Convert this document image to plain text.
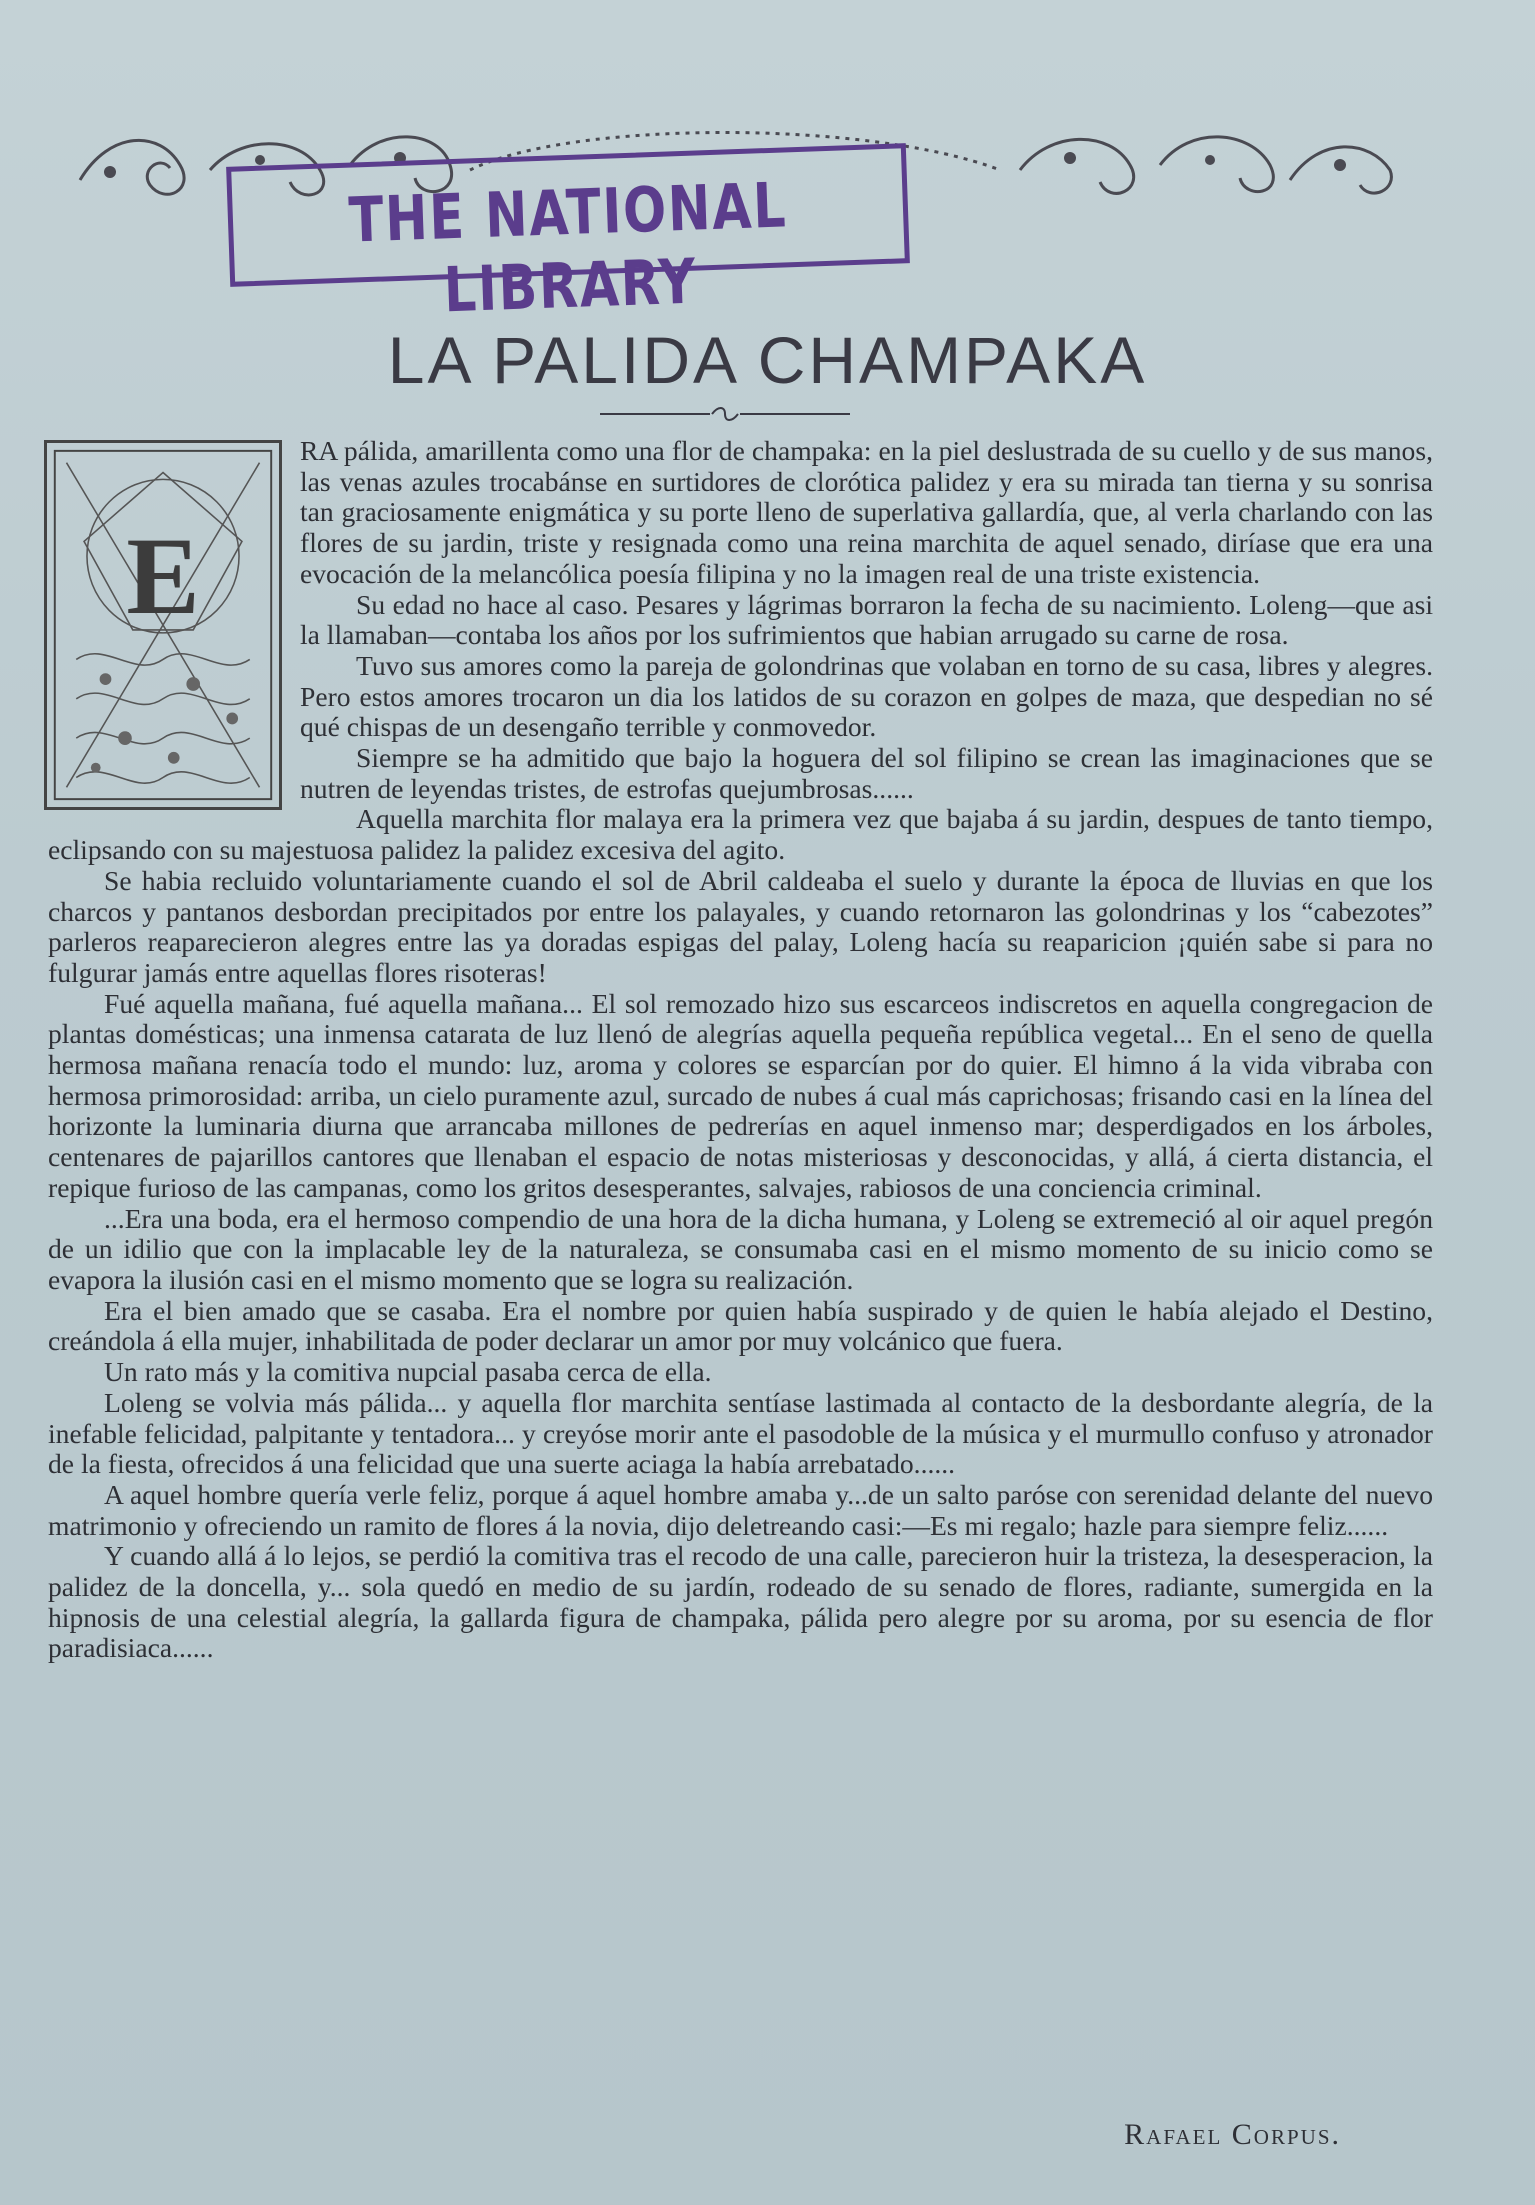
THE NATIONAL LIBRARY
LA PALIDA CHAMPAKA
E

RA pálida, amarillenta como una flor de champaka: en la piel deslustrada de su cuello y de sus manos, las venas azules trocabánse en surtidores de clorótica palidez y era su mirada tan tierna y su sonrisa tan graciosamente enigmática y su porte lleno de superlativa gallardía, que, al verla charlando con las flores de su jardin, triste y resignada como una reina marchita de aquel senado, diríase que era una evocación de la melancólica poesía filipina y no la imagen real de una triste existencia.

Su edad no hace al caso. Pesares y lágrimas borraron la fecha de su nacimiento. Loleng—que asi la llamaban—contaba los años por los sufrimientos que habian arrugado su carne de rosa.

Tuvo sus amores como la pareja de golondrinas que volaban en torno de su casa, libres y alegres. Pero estos amores trocaron un dia los latidos de su corazon en golpes de maza, que despedian no sé qué chispas de un desengaño terrible y conmovedor.

Siempre se ha admitido que bajo la hoguera del sol filipino se crean las imaginaciones que se nutren de leyendas tristes, de estrofas quejumbrosas......

Aquella marchita flor malaya era la primera vez que bajaba á su jardin, despues de tanto tiempo, eclipsando con su majestuosa palidez la palidez excesiva del agito.

Se habia recluido voluntariamente cuando el sol de Abril caldeaba el suelo y durante la época de lluvias en que los charcos y pantanos desbordan precipitados por entre los palayales, y cuando retornaron las golondrinas y los “cabezotes” parleros reaparecieron alegres entre las ya doradas espigas del palay, Loleng hacía su reaparicion ¡quién sabe si para no fulgurar jamás entre aquellas flores risoteras!

Fué aquella mañana, fué aquella mañana... El sol remozado hizo sus escarceos indiscretos en aquella congregacion de plantas domésticas; una inmensa catarata de luz llenó de alegrías aquella pequeña república vegetal... En el seno de quella hermosa mañana renacía todo el mundo: luz, aroma y colores se esparcían por do quier. El himno á la vida vibraba con hermosa primorosidad: arriba, un cielo puramente azul, surcado de nubes á cual más caprichosas; frisando casi en la línea del horizonte la luminaria diurna que arrancaba millones de pedrerías en aquel inmenso mar; desperdigados en los árboles, centenares de pajarillos cantores que llenaban el espacio de notas misteriosas y desconocidas, y allá, á cierta distancia, el repique furioso de las campanas, como los gritos desesperantes, salvajes, rabiosos de una conciencia criminal.

...Era una boda, era el hermoso compendio de una hora de la dicha humana, y Loleng se extremeció al oir aquel pregón de un idilio que con la implacable ley de la naturaleza, se consumaba casi en el mismo momento de su inicio como se evapora la ilusión casi en el mismo momento que se logra su realización.

Era el bien amado que se casaba. Era el nombre por quien había suspirado y de quien le había alejado el Destino, creándola á ella mujer, inhabilitada de poder declarar un amor por muy volcánico que fuera.

Un rato más y la comitiva nupcial pasaba cerca de ella.

Loleng se volvia más pálida... y aquella flor marchita sentíase lastimada al contacto de la desbordante alegría, de la inefable felicidad, palpitante y tentadora... y creyóse morir ante el pasodoble de la música y el murmullo confuso y atronador de la fiesta, ofrecidos á una felicidad que una suerte aciaga la había arrebatado......

A aquel hombre quería verle feliz, porque á aquel hombre amaba y...de un salto paróse con serenidad delante del nuevo matrimonio y ofreciendo un ramito de flores á la novia, dijo deletreando casi:—Es mi regalo; hazle para siempre feliz......

Y cuando allá á lo lejos, se perdió la comitiva tras el recodo de una calle, parecieron huir la tristeza, la desesperacion, la palidez de la doncella, y... sola quedó en medio de su jardín, rodeado de su senado de flores, radiante, sumergida en la hipnosis de una celestial alegría, la gallarda figura de champaka, pálida pero alegre por su aroma, por su esencia de flor paradisiaca......

Rafael Corpus.
